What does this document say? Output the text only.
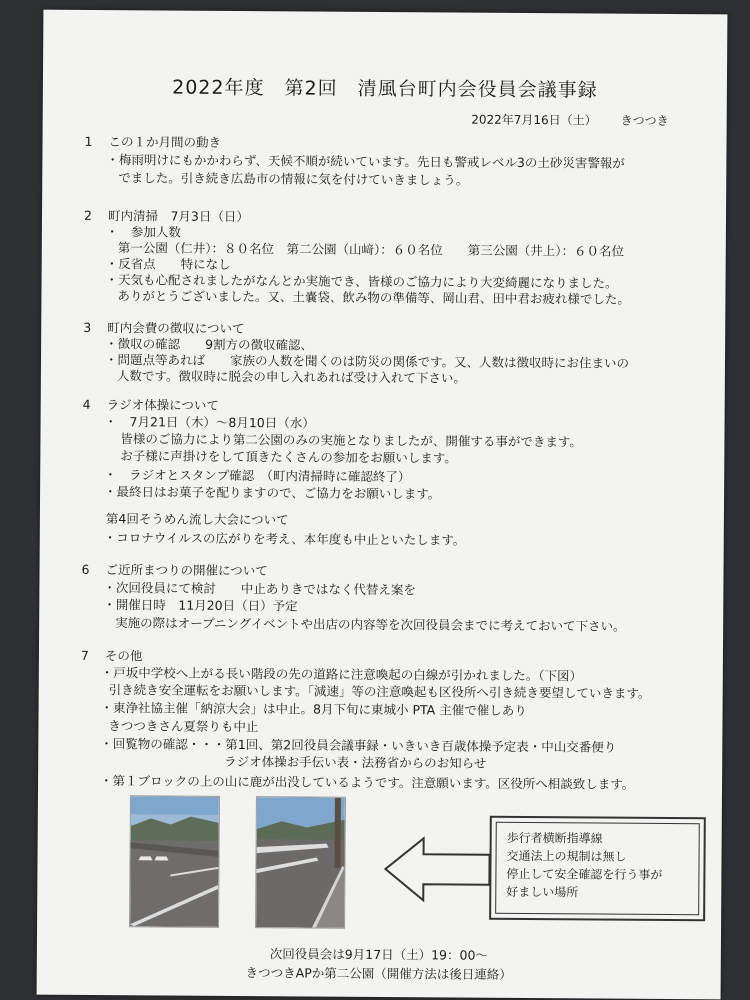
2022年度　第2回　清風台町内会役員会議事録
2022年7月16日（土） きつつき
1 この１か月間の動き
2 町内清掃　7月3日（日）
3 町内会費の徴収について
4 ラジオ体操について
第4回そうめん流し大会について
6 ご近所まつりの開催について
7 その他
・梅雨明けにもかかわらず、天候不順が続いています。先日も警戒レベル3の土砂災害警報が
でました。引き続き広島市の情報に気を付けていきましょう。
・　参加人数
第一公園（仁井）：８０名位　第二公園（山﨑）：６０名位　　第三公園（井上）：６０名位
・反省点　　特になし
・天気も心配されましたがなんとか実施でき、皆様のご協力により大変綺麗になりました。
ありがとうございました。又、土嚢袋、飲み物の準備等、岡山君、田中君お疲れ様でした。
・徴収の確認　　9割方の徴収確認、
・問題点等あれば　　家族の人数を聞くのは防災の関係です。又、人数は徴収時にお住まいの
人数です。徴収時に脱会の申し入れあれば受け入れて下さい。
・　7月21日（木）～8月10日（水）
皆様のご協力により第二公園のみの実施となりましたが、開催する事ができます。
お子様に声掛けをして頂きたくさんの参加をお願いします。
・　ラジオとスタンプ確認　（町内清掃時に確認終了）
・最終日はお菓子を配りますので、ご協力をお願いします。
・コロナウイルスの広がりを考え、本年度も中止といたします。
・次回役員にて検討　　中止ありきではなく代替え案を
・開催日時　11月20日（日）予定
実施の際はオープニングイベントや出店の内容等を次回役員会までに考えておいて下さい。
・戸坂中学校へ上がる長い階段の先の道路に注意喚起の白線が引かれました。（下図）
引き続き安全運転をお願いします。「減速」等の注意喚起も区役所へ引き続き要望していきます。
・東浄社協主催「納涼大会」は中止。8月下旬に東城小 PTA 主催で催しあり
きつつきさん夏祭りも中止
・回覧物の確認・・・第1回、第2回役員会議事録・いきいき百歳体操予定表・中山交番便り
ラジオ体操お手伝い表・法務省からのお知らせ
・第１ブロックの上の山に鹿が出没しているようです。注意願います。区役所へ相談致します。
歩行者横断指導線
交通法上の規制は無し
停止して安全確認を行う事が
好ましい場所
次回役員会は9月17日（土）19：00～
きつつきAPか第二公園（開催方法は後日連絡）
